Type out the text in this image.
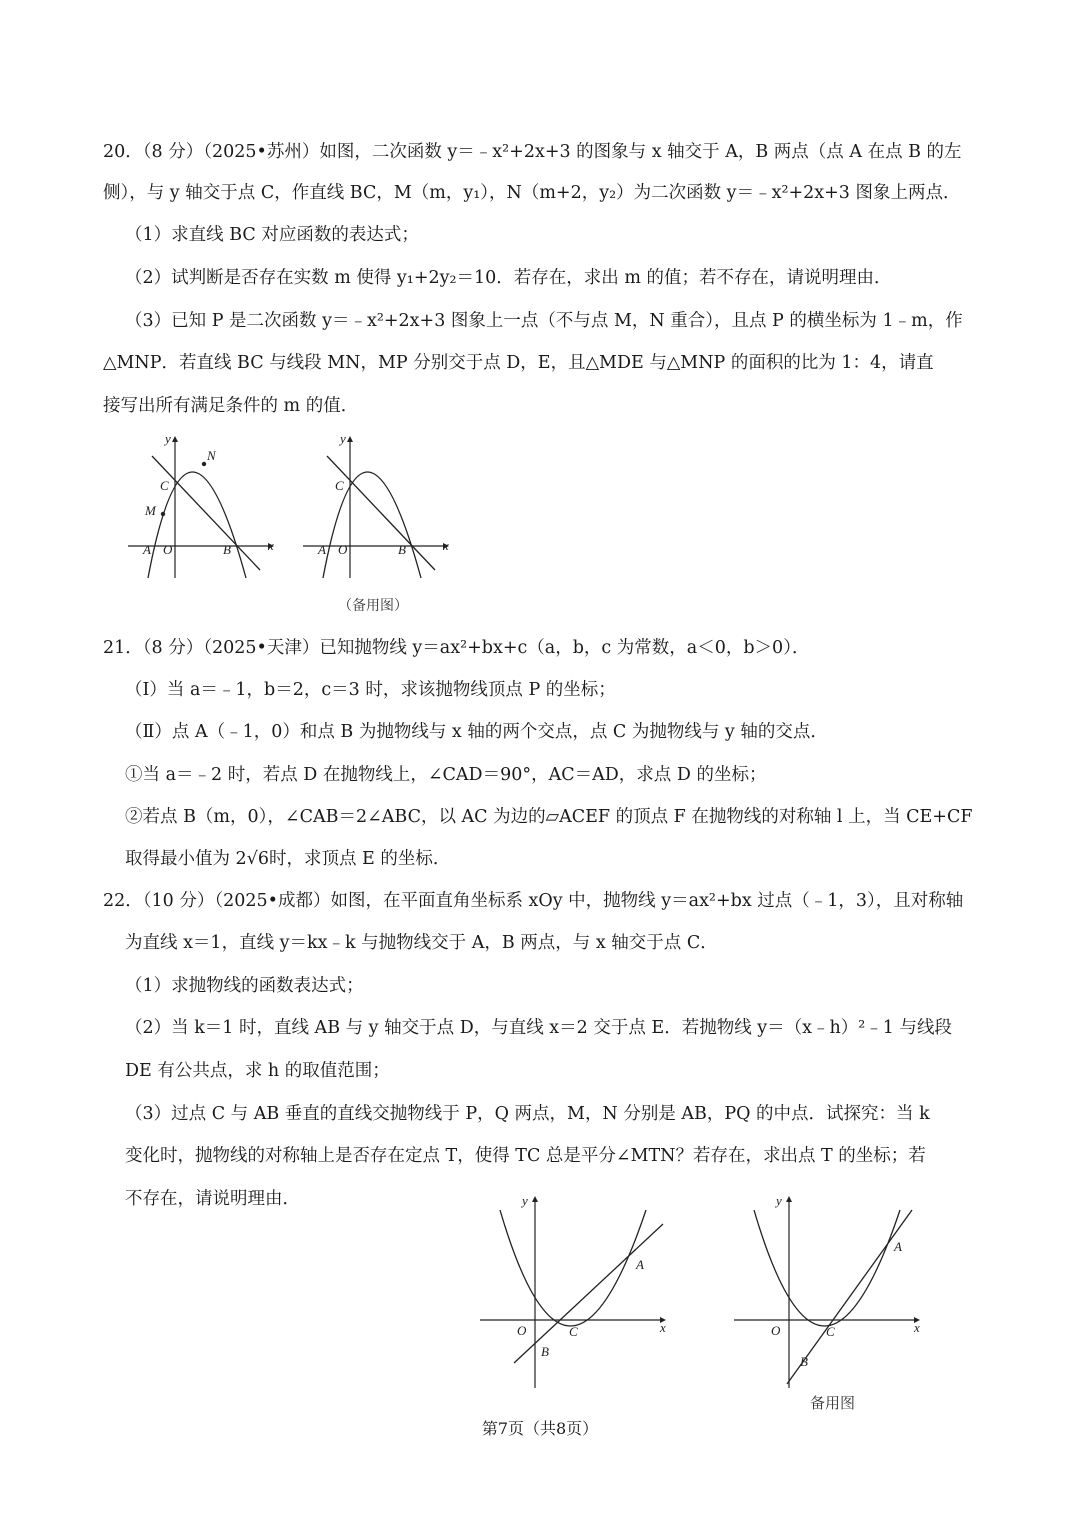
20．（8 分）（2025•苏州）如图，二次函数 y＝﹣x²+2x+3 的图象与 x 轴交于 A，B 两点（点 A 在点 B 的左
侧），与 y 轴交于点 C，作直线 BC，M（m，y₁），N（m+2，y₂）为二次函数 y＝﹣x²+2x+3 图象上两点．
（1）求直线 BC 对应函数的表达式；
（2）试判断是否存在实数 m 使得 y₁+2y₂＝10．若存在，求出 m 的值；若不存在，请说明理由．
（3）已知 P 是二次函数 y＝﹣x²+2x+3 图象上一点（不与点 M，N 重合），且点 P 的横坐标为 1﹣m，作
△MNP．若直线 BC 与线段 MN，MP 分别交于点 D，E，且△MDE 与△MNP 的面积的比为 1：4，请直
接写出所有满足条件的 m 的值．
y
x
N
C
M
A O	B
y
x
C
A O	B
（备用图）
21．（8 分）（2025•天津）已知抛物线 y＝ax²+bx+c（a，b，c 为常数，a＜0，b＞0）．
（Ⅰ）当 a＝﹣1，b＝2，c＝3 时，求该抛物线顶点 P 的坐标；
（Ⅱ）点 A（﹣1，0）和点 B 为抛物线与 x 轴的两个交点，点 C 为抛物线与 y 轴的交点．
①当 a＝﹣2 时，若点 D 在抛物线上，∠CAD＝90°，AC＝AD，求点 D 的坐标；
②若点 B（m，0），∠CAB＝2∠ABC，以 AC 为边的▱ACEF 的顶点 F 在抛物线的对称轴 l 上，当 CE+CF
取得最小值为 2√6时，求顶点 E 的坐标．
22．（10 分）（2025•成都）如图，在平面直角坐标系 xOy 中，抛物线 y＝ax²+bx 过点（﹣1，3），且对称轴
为直线 x＝1，直线 y＝kx﹣k 与抛物线交于 A，B 两点，与 x 轴交于点 C．
（1）求抛物线的函数表达式；
（2）当 k＝1 时，直线 AB 与 y 轴交于点 D，与直线 x＝2 交于点 E．若抛物线 y＝（x﹣h）²﹣1 与线段
DE 有公共点，求 h 的取值范围；
（3）过点 C 与 AB 垂直的直线交抛物线于 P，Q 两点，M，N 分别是 AB，PQ 的中点．试探究：当 k
变化时，抛物线的对称轴上是否存在定点 T，使得 TC 总是平分∠MTN？若存在，求出点 T 的坐标；若
不存在，请说明理由．	y
x
O	C
B
A
y
x
O	C
B
A
备用图
第7页（共8页）
